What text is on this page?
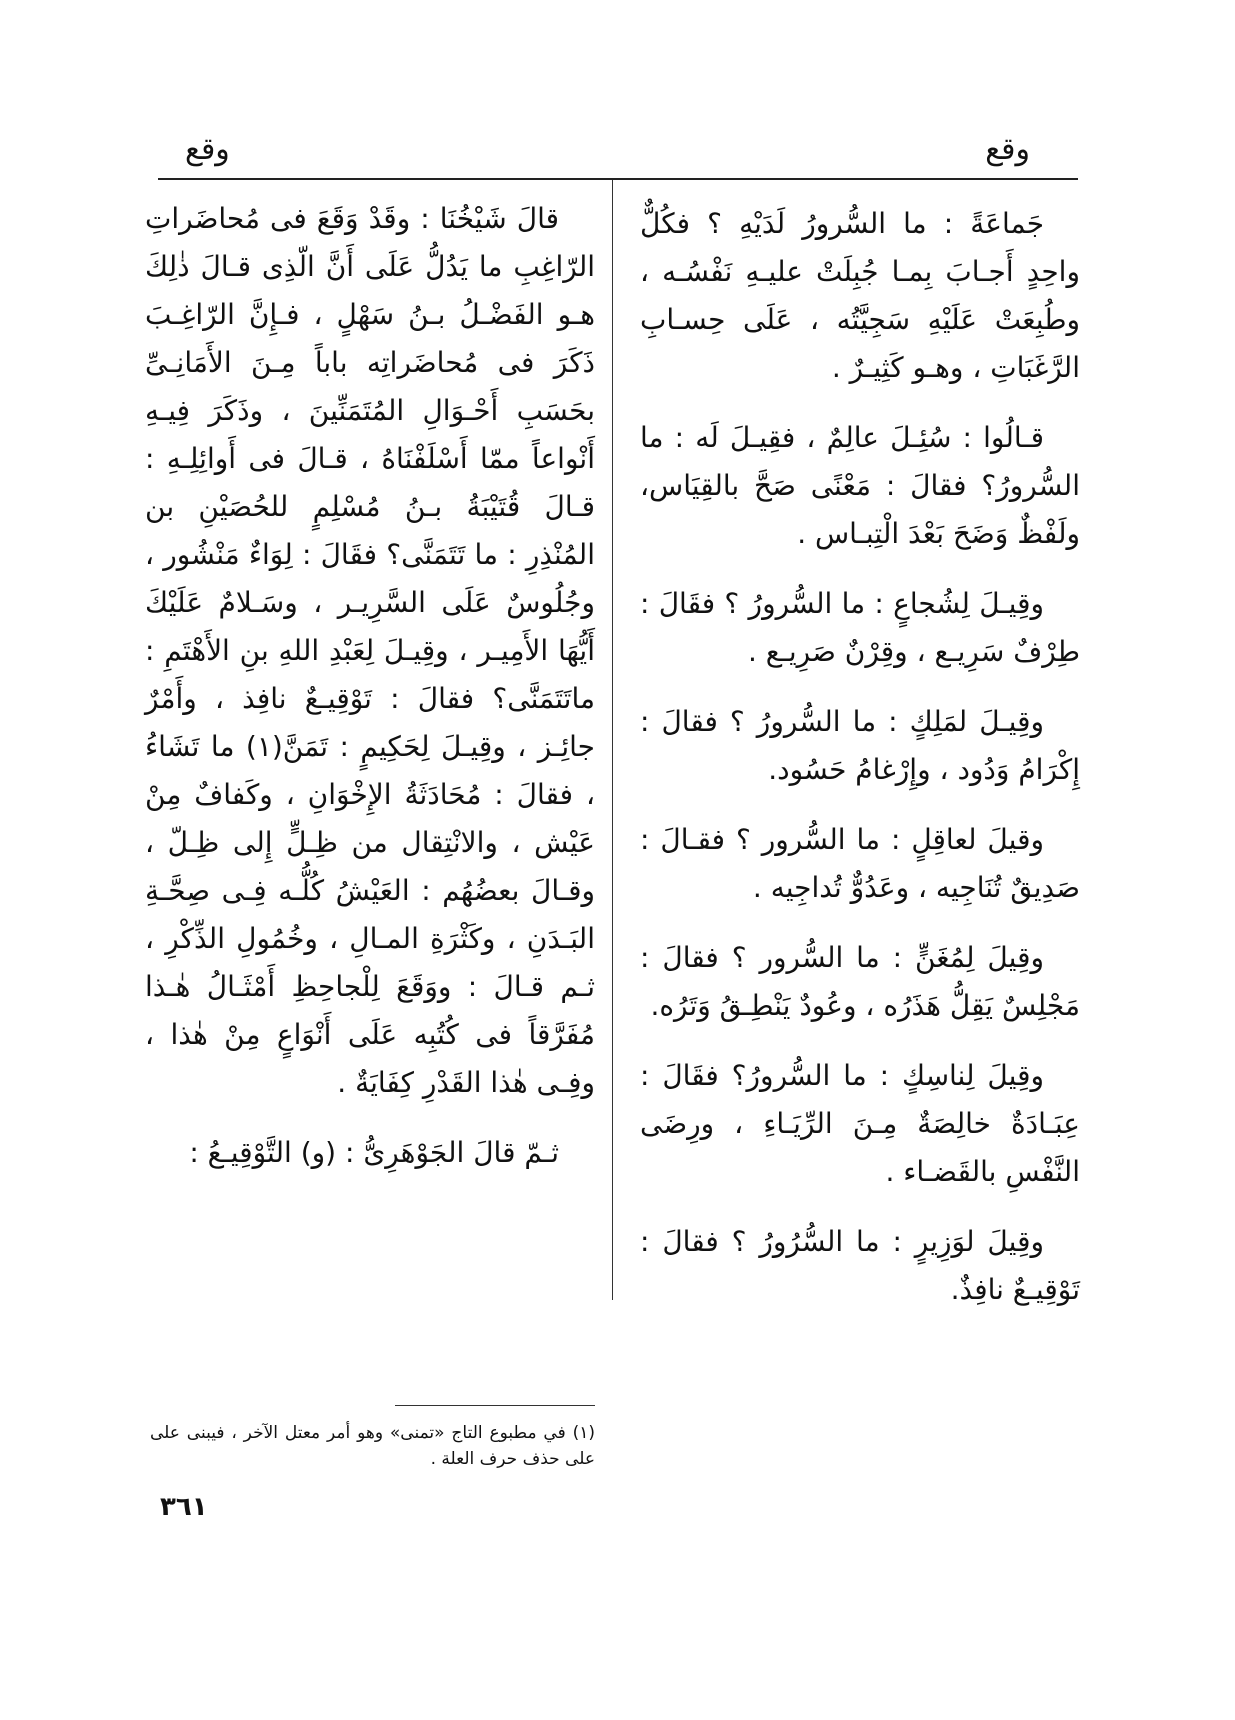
وقع
وقع

جَماعَةً : ما السُّرورُ لَدَيْهِ ؟ فكُلٌّ واحِدٍ أَجـابَ بِمـا جُبِلَتْ عليـهِ نَفْسُـه ، وطُبِعَتْ عَلَيْهِ سَجِيَّتُه ، عَلَى حِسـابِ الرَّغَبَاتِ ، وهـو كَثِيـرٌ .

قـالُوا : سُئِـلَ عالِمٌ ، فقِيـلَ لَه : ما السُّرورُ؟ فقالَ : مَعْنًى صَحَّ بالقِيَاس، ولَفْظٌ وَضَحَ بَعْدَ الْتِبـاس .

وقِيـلَ لِشُجاعٍ : ما السُّرورُ ؟ فقَالَ : طِرْفٌ سَرِيـع ، وقِرْنٌ صَرِيـع .

وقِيـلَ لمَلِكٍ : ما السُّرورُ ؟ فقالَ : إِكْرَامُ وَدُود ، وإِرْغامُ حَسُود.

وقيلَ لعاقِلٍ : ما السُّرور ؟ فقـالَ : صَدِيقٌ تُنَاجِيه ، وعَدُوٌّ تُداجِيه .

وقِيلَ لِمُغَنٍّ : ما السُّرور ؟ فقالَ : مَجْلِسٌ يَقِلُّ هَذَرُه ، وعُودٌ يَنْطِـقُ وَتَرُه.

وقِيلَ لِناسِكٍ : ما السُّرورُ؟ فقَالَ : عِبَـادَةٌ خالِصَةٌ مِـنَ الرِّيَـاءِ ، ورِضَى النَّفْسِ بالقَضـاء .

وقِيلَ لوَزِيرٍ : ما السُّرُورُ ؟ فقالَ : تَوْقِيـعٌ نافِذٌ.

قالَ شَيْخُنَا : وقَدْ وَقَعَ فى مُحاضَراتِ الرّاغِبِ ما يَدُلُّ عَلَى أَنَّ الّذِى قـالَ ذٰلِكَ هـو الفَضْـلُ بـنُ سَهْلٍ ، فـإِنَّ الرّاغِـبَ ذَكَرَ فى مُحاضَراتِه باباً مِـنَ الأَمَانِـىِّ بحَسَبِ أَحْـوَالِ المُتَمَنِّينَ ، وذَكَرَ فِيـهِ أَنْواعاً ممّا أَسْلَفْنَاهُ ، قـالَ فى أَوائِلِـهِ : قـالَ قُتَيْبَةُ بـنُ مُسْلِمٍ للحُصَيْنِ بن المُنْذِرِ : ما تَتَمَنَّى؟ فقَالَ : لِوَاءٌ مَنْشُور ، وجُلُوسٌ عَلَى السَّرِيـر ، وسَـلامٌ عَلَيْكَ أَيُّهَا الأَمِيـر ، وقِيـلَ لِعَبْدِ اللهِ بنِ الأَهْتَمِ : ماتَتَمَنَّى؟ فقالَ : تَوْقِيـعٌ نافِذ ، وأَمْرٌ جائِـز ، وقِيـلَ لِحَكِيمٍ : تَمَنَّ(١) ما تَشَاءُ ، فقالَ : مُحَادَثَةُ الإِخْوَانِ ، وكَفافٌ مِنْ عَيْش ، والانْتِقال من ظِـلٍّ إِلى ظِـلّ ، وقـالَ بعضُهُم : العَيْشُ كُلُّـه فِـى صِحَّـةِ البَـدَنِ ، وكَثْرَةِ المـالِ ، وخُمُولِ الذِّكْرِ ، ثـم قـالَ : ووَقَعَ لِلْجاحِظِ أَمْثَـالُ هٰـذا مُفَرَّقاً فى كُتُبِه عَلَى أَنْوَاعٍ مِنْ هٰذا ، وفِـى هٰذا القَدْرِ كِفَايَةٌ .

ثـمّ قالَ الجَوْهَرِىُّ : (و) التَّوْقِيـعُ :

(١) في مطبوع التاج «تمنى» وهو أمر معتل الآخر ، فيبنى على على حذف حرف العلة .
٣٦١
